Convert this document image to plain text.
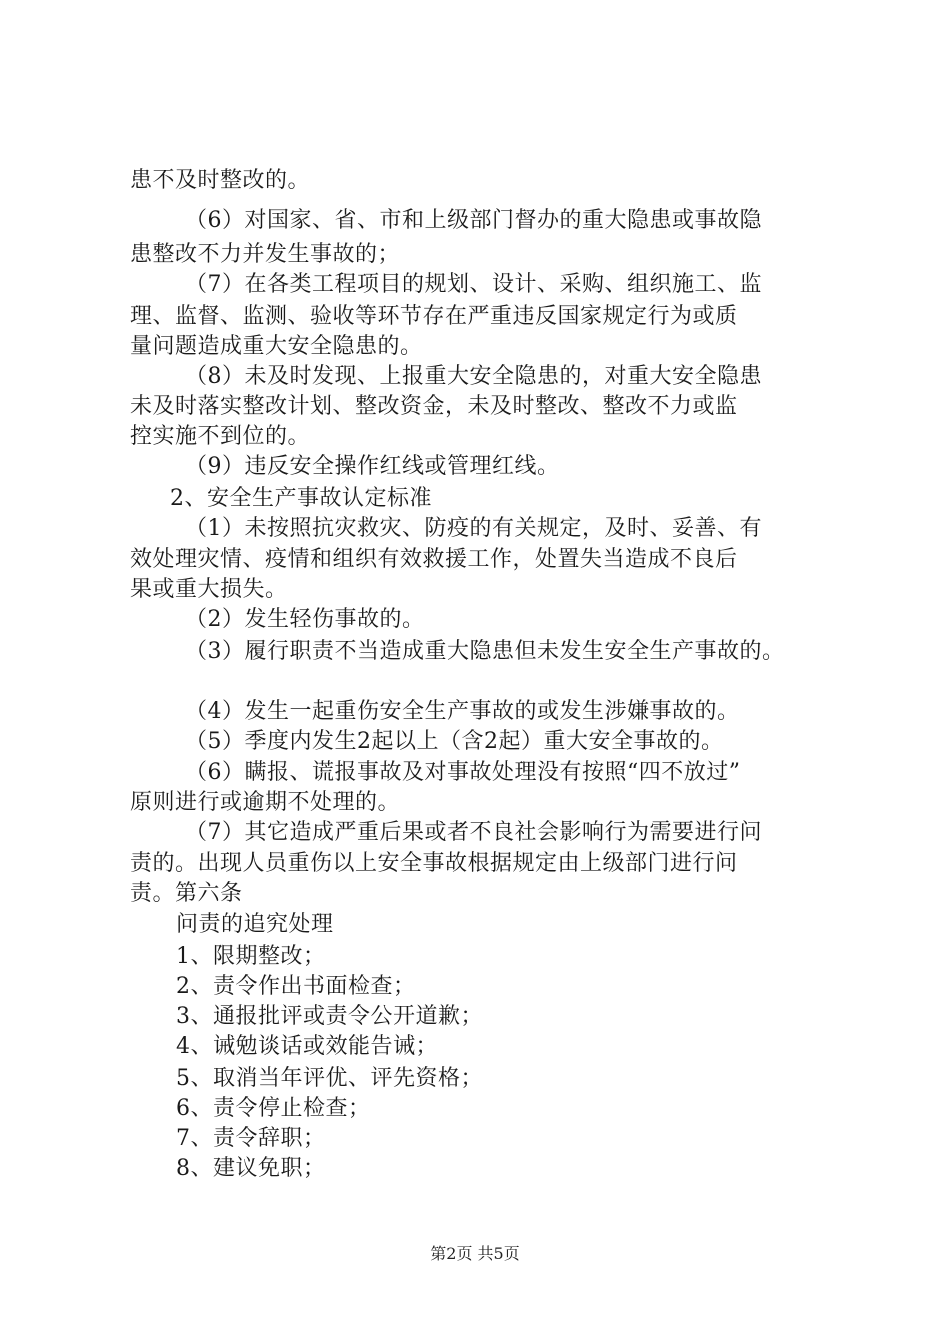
患不及时整改的。
（6）对国家、省、市和上级部门督办的重大隐患或事故隐
患整改不力并发生事故的；
（7）在各类工程项目的规划、设计、采购、组织施工、监
理、监督、监测、验收等环节存在严重违反国家规定行为或质
量问题造成重大安全隐患的。
（8）未及时发现、上报重大安全隐患的，对重大安全隐患
未及时落实整改计划、整改资金，未及时整改、整改不力或监
控实施不到位的。
（9）违反安全操作红线或管理红线。
2、安全生产事故认定标准
（1）未按照抗灾救灾、防疫的有关规定，及时、妥善、有
效处理灾情、疫情和组织有效救援工作，处置失当造成不良后
果或重大损失。
（2）发生轻伤事故的。
（3）履行职责不当造成重大隐患但未发生安全生产事故的。
（4）发生一起重伤安全生产事故的或发生涉嫌事故的。
（5）季度内发生2起以上（含2起）重大安全事故的。
（6）瞒报、谎报事故及对事故处理没有按照“四不放过”
原则进行或逾期不处理的。
（7）其它造成严重后果或者不良社会影响行为需要进行问
责的。出现人员重伤以上安全事故根据规定由上级部门进行问
责。第六条
问责的追究处理
1、限期整改；
2、责令作出书面检查；
3、通报批评或责令公开道歉；
4、诫勉谈话或效能告诫；
5、取消当年评优、评先资格；
6、责令停止检查；
7、责令辞职；
8、建议免职；
第2页 共5页
